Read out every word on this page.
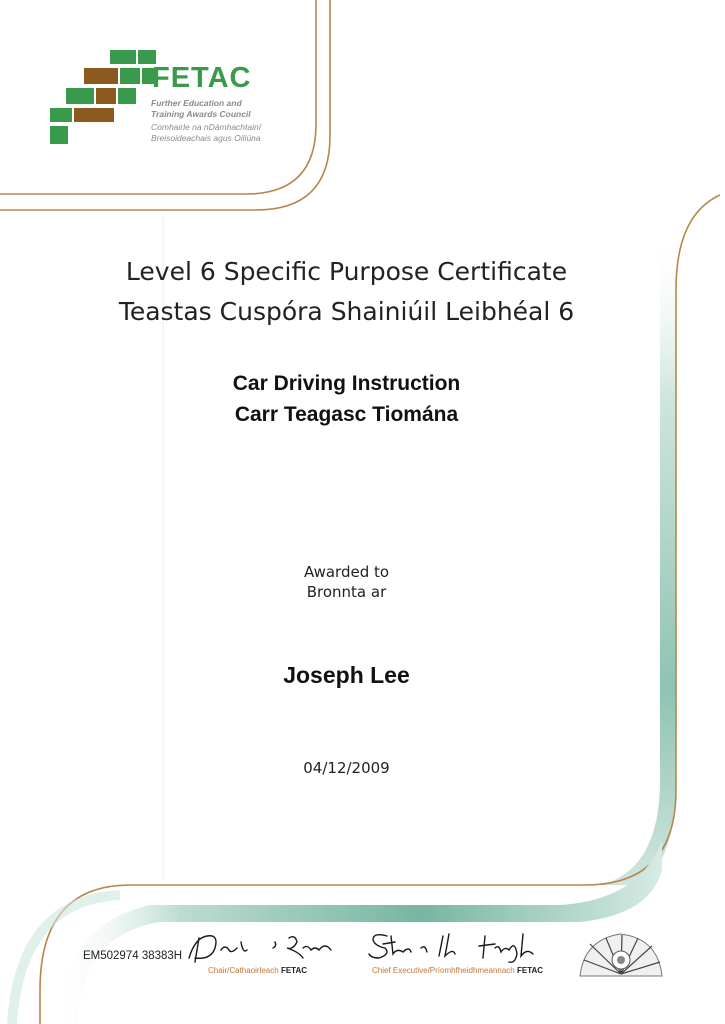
FETAC
Further Education and
Training Awards Council
Comhairle na nDámhachtainí
Breisoideachais agus Oiliúna
Level 6 Specific Purpose Certificate
Teastas Cuspóra Shainiúil Leibhéal 6
Car Driving Instruction
Carr Teagasc Tiomána
Awarded to
Bronnta ar
Joseph Lee
04/12/2009
EM502974 38383H
Chair/Cathaoirleach FETAC	Chief Executive/Príomhfheidhmeannach FETAC
